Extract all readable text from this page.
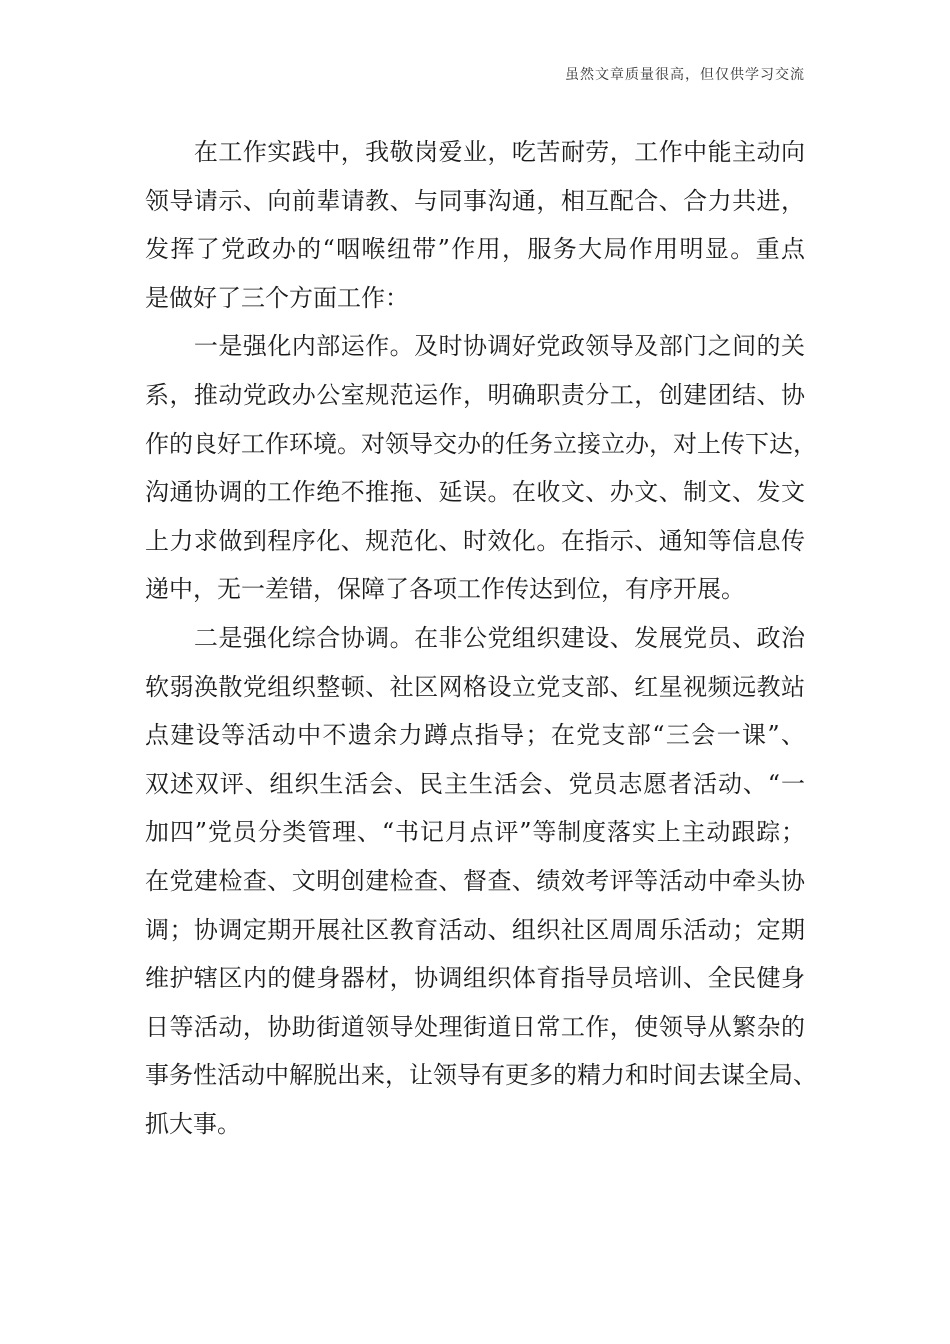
虽然文章质量很高，但仅供学习交流
　　在工作实践中，我敬岗爱业，吃苦耐劳，工作中能主动向
领导请示、向前辈请教、与同事沟通，相互配合、合力共进，
发挥了党政办的“咽喉纽带”作用，服务大局作用明显。重点
是做好了三个方面工作：
　　一是强化内部运作。及时协调好党政领导及部门之间的关
系，推动党政办公室规范运作，明确职责分工，创建团结、协
作的良好工作环境。对领导交办的任务立接立办，对上传下达，
沟通协调的工作绝不推拖、延误。在收文、办文、制文、发文
上力求做到程序化、规范化、时效化。在指示、通知等信息传
递中，无一差错，保障了各项工作传达到位，有序开展。
　　二是强化综合协调。在非公党组织建设、发展党员、政治
软弱涣散党组织整顿、社区网格设立党支部、红星视频远教站
点建设等活动中不遗余力蹲点指导；在党支部“三会一课”、
双述双评、组织生活会、民主生活会、党员志愿者活动、“一
加四”党员分类管理、“书记月点评”等制度落实上主动跟踪；
在党建检查、文明创建检查、督查、绩效考评等活动中牵头协
调；协调定期开展社区教育活动、组织社区周周乐活动；定期
维护辖区内的健身器材，协调组织体育指导员培训、全民健身
日等活动，协助街道领导处理街道日常工作，使领导从繁杂的
事务性活动中解脱出来，让领导有更多的精力和时间去谋全局、
抓大事。
